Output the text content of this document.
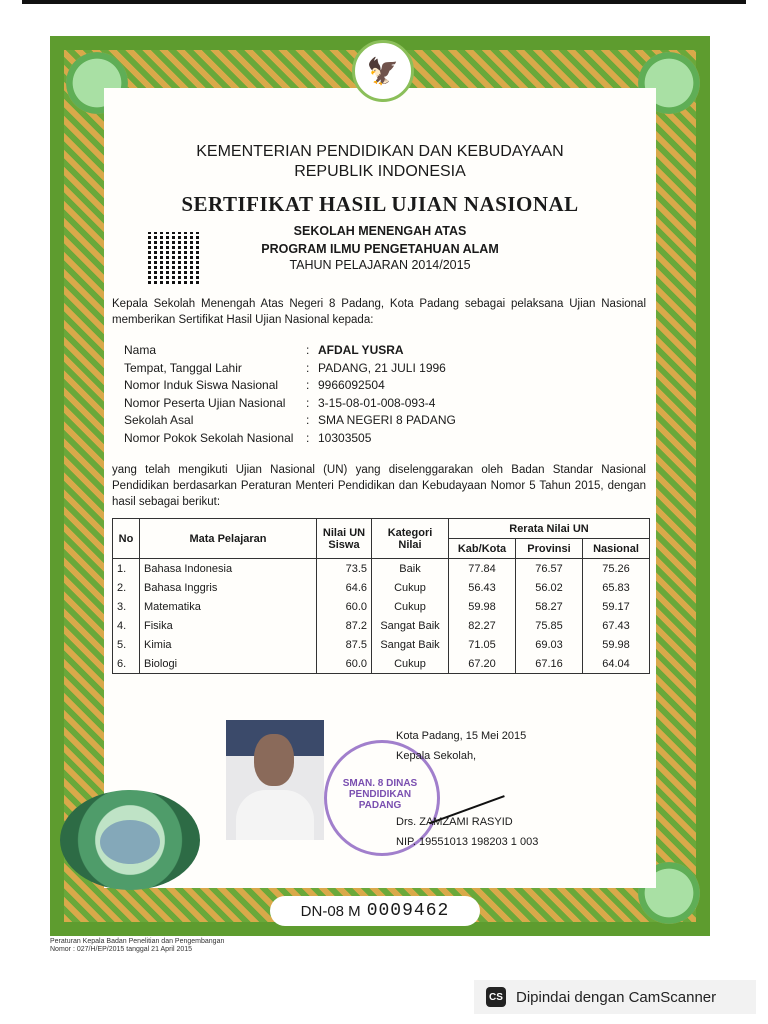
🦅
KEMENTERIAN PENDIDIKAN DAN KEBUDAYAAN
REPUBLIK INDONESIA
SERTIFIKAT HASIL UJIAN NASIONAL
SEKOLAH MENENGAH ATAS
PROGRAM ILMU PENGETAHUAN ALAM
TAHUN PELAJARAN 2014/2015
Kepala Sekolah Menengah Atas Negeri 8 Padang, Kota Padang sebagai pelaksana Ujian Nasional memberikan Sertifikat Hasil Ujian Nasional kepada:
Nama	: AFDAL YUSRA
Tempat, Tanggal Lahir	: PADANG, 21 JULI 1996
Nomor Induk Siswa Nasional	: 9966092504
Nomor Peserta Ujian Nasional	: 3-15-08-01-008-093-4
Sekolah Asal	: SMA NEGERI 8 PADANG
Nomor Pokok Sekolah Nasional	: 10303505
yang telah mengikuti Ujian Nasional (UN) yang diselenggarakan oleh Badan Standar Nasional Pendidikan berdasarkan Peraturan Menteri Pendidikan dan Kebudayaan Nomor 5 Tahun 2015, dengan hasil sebagai berikut:
No	Mata Pelajaran	Nilai UN Siswa	Kategori Nilai	Rerata Nilai UN		
				Kab/Kota	Provinsi	Nasional
1.	Bahasa Indonesia	73.5	Baik	77.84	76.57	75.26
2.	Bahasa Inggris	64.6	Cukup	56.43	56.02	65.83
3.	Matematika	60.0	Cukup	59.98	58.27	59.17
4.	Fisika	87.2	Sangat Baik	82.27	75.85	67.43
5.	Kimia	87.5	Sangat Baik	71.05	69.03	59.98
6.	Biologi	60.0	Cukup	67.20	67.16	64.04
SMAN. 8 DINAS PENDIDIKAN PADANG
Kota Padang, 15 Mei 2015
Kepala Sekolah,
Drs. ZAMZAMI RASYID
NIP. 19551013 198203 1 003
DN-08 M 0009462
Peraturan Kepala Badan Penelitian dan Pengembangan
Nomor : 027/H/EP/2015 tanggal 21 April 2015
CS Dipindai dengan CamScanner
